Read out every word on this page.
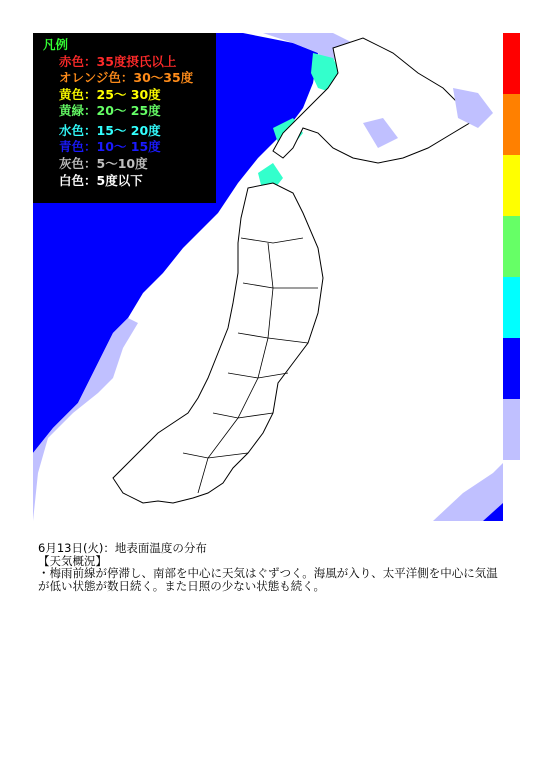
凡例
赤色：35度摂氏以上
オレンジ色：30～35度
黄色：25～ 30度
黄緑：20～ 25度
水色：15～ 20度
青色：10～ 15度
灰色：5～10度
白色：5度以下
6月13日(火)：地表面温度の分布
【天気概況】
・梅雨前線が停滞し、南部を中心に天気はぐずつく。海風が入り、太平洋側を中心に気温
が低い状態が数日続く。また日照の少ない状態も続く。
